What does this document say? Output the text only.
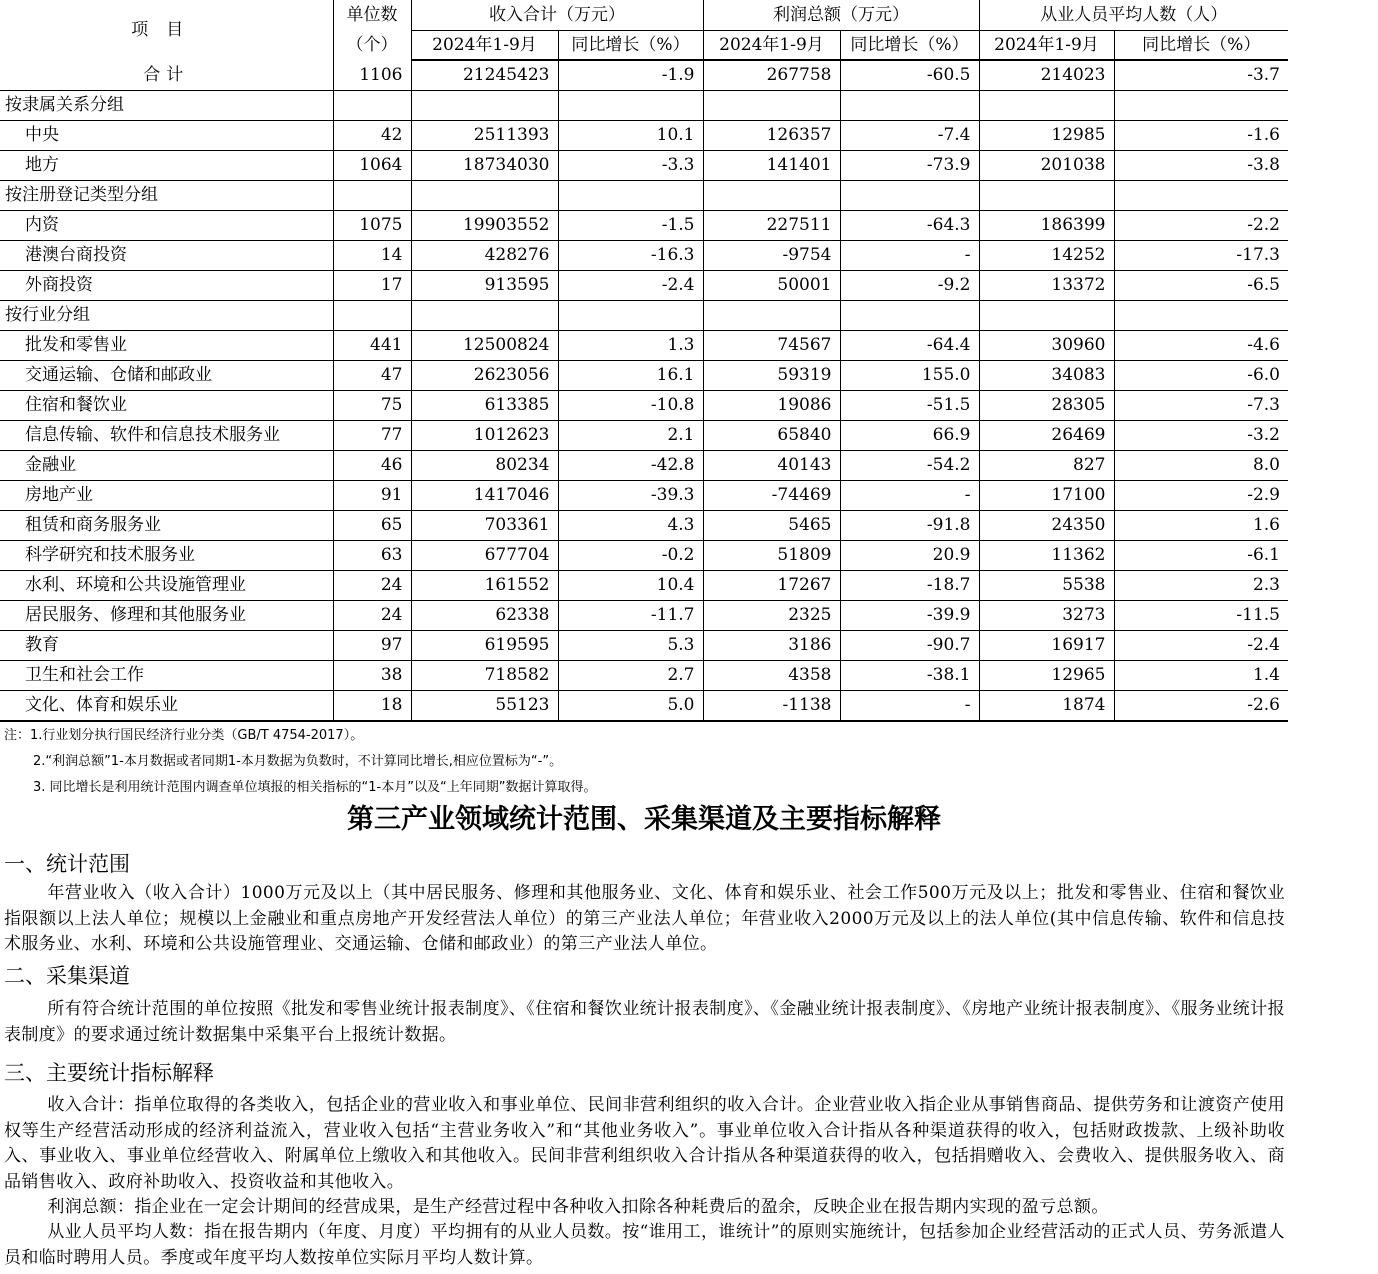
项目	单位数
（个）	收入合计（万元）		利润总额（万元）		从业人员平均人数（人）	
		2024年1-9月	同比增长（%）	2024年1-9月	同比增长（%）	2024年1-9月	同比增长（%）
合计	1106	21245423	-1.9	267758	-60.5	214023	-3.7
按隶属关系分组							
中央	42	2511393	10.1	126357	-7.4	12985	-1.6
地方	1064	18734030	-3.3	141401	-73.9	201038	-3.8
按注册登记类型分组							
内资	1075	19903552	-1.5	227511	-64.3	186399	-2.2
港澳台商投资	14	428276	-16.3	-9754	-	14252	-17.3
外商投资	17	913595	-2.4	50001	-9.2	13372	-6.5
按行业分组							
批发和零售业	441	12500824	1.3	74567	-64.4	30960	-4.6
交通运输、仓储和邮政业	47	2623056	16.1	59319	155.0	34083	-6.0
住宿和餐饮业	75	613385	-10.8	19086	-51.5	28305	-7.3
信息传输、软件和信息技术服务业	77	1012623	2.1	65840	66.9	26469	-3.2
金融业	46	80234	-42.8	40143	-54.2	827	8.0
房地产业	91	1417046	-39.3	-74469	-	17100	-2.9
租赁和商务服务业	65	703361	4.3	5465	-91.8	24350	1.6
科学研究和技术服务业	63	677704	-0.2	51809	20.9	11362	-6.1
水利、环境和公共设施管理业	24	161552	10.4	17267	-18.7	5538	2.3
居民服务、修理和其他服务业	24	62338	-11.7	2325	-39.9	3273	-11.5
教育	97	619595	5.3	3186	-90.7	16917	-2.4
卫生和社会工作	38	718582	2.7	4358	-38.1	12965	1.4
文化、体育和娱乐业	18	55123	5.0	-1138	-	1874	-2.6
注：1.行业划分执行国民经济行业分类（GB/T 4754-2017）。
2.“利润总额”1-本月数据或者同期1-本月数据为负数时，不计算同比增长,相应位置标为“-”。
3. 同比增长是利用统计范围内调查单位填报的相关指标的“1-本月”以及“上年同期”数据计算取得。
第三产业领域统计范围、采集渠道及主要指标解释
一、统计范围

年营业收入（收入合计）1000万元及以上（其中居民服务、修理和其他服务业、文化、体育和娱乐业、社会工作500万元及以上；批发和零售业、住宿和餐饮业指限额以上法人单位；规模以上金融业和重点房地产开发经营法人单位）的第三产业法人单位；年营业收入2000万元及以上的法人单位(其中信息传输、软件和信息技术服务业、水利、环境和公共设施管理业、交通运输、仓储和邮政业）的第三产业法人单位。

二、采集渠道

所有符合统计范围的单位按照《批发和零售业统计报表制度》、《住宿和餐饮业统计报表制度》、《金融业统计报表制度》、《房地产业统计报表制度》、《服务业统计报表制度》的要求通过统计数据集中采集平台上报统计数据。

三、主要统计指标解释

收入合计：指单位取得的各类收入，包括企业的营业收入和事业单位、民间非营利组织的收入合计。企业营业收入指企业从事销售商品、提供劳务和让渡资产使用权等生产经营活动形成的经济利益流入，营业收入包括“主营业务收入”和“其他业务收入”。事业单位收入合计指从各种渠道获得的收入，包括财政拨款、上级补助收入、事业收入、事业单位经营收入、附属单位上缴收入和其他收入。民间非营利组织收入合计指从各种渠道获得的收入，包括捐赠收入、会费收入、提供服务收入、商品销售收入、政府补助收入、投资收益和其他收入。

利润总额：指企业在一定会计期间的经营成果，是生产经营过程中各种收入扣除各种耗费后的盈余，反映企业在报告期内实现的盈亏总额。

从业人员平均人数：指在报告期内（年度、月度）平均拥有的从业人员数。按“谁用工，谁统计”的原则实施统计，包括参加企业经营活动的正式人员、劳务派遣人员和临时聘用人员。季度或年度平均人数按单位实际月平均人数计算。
